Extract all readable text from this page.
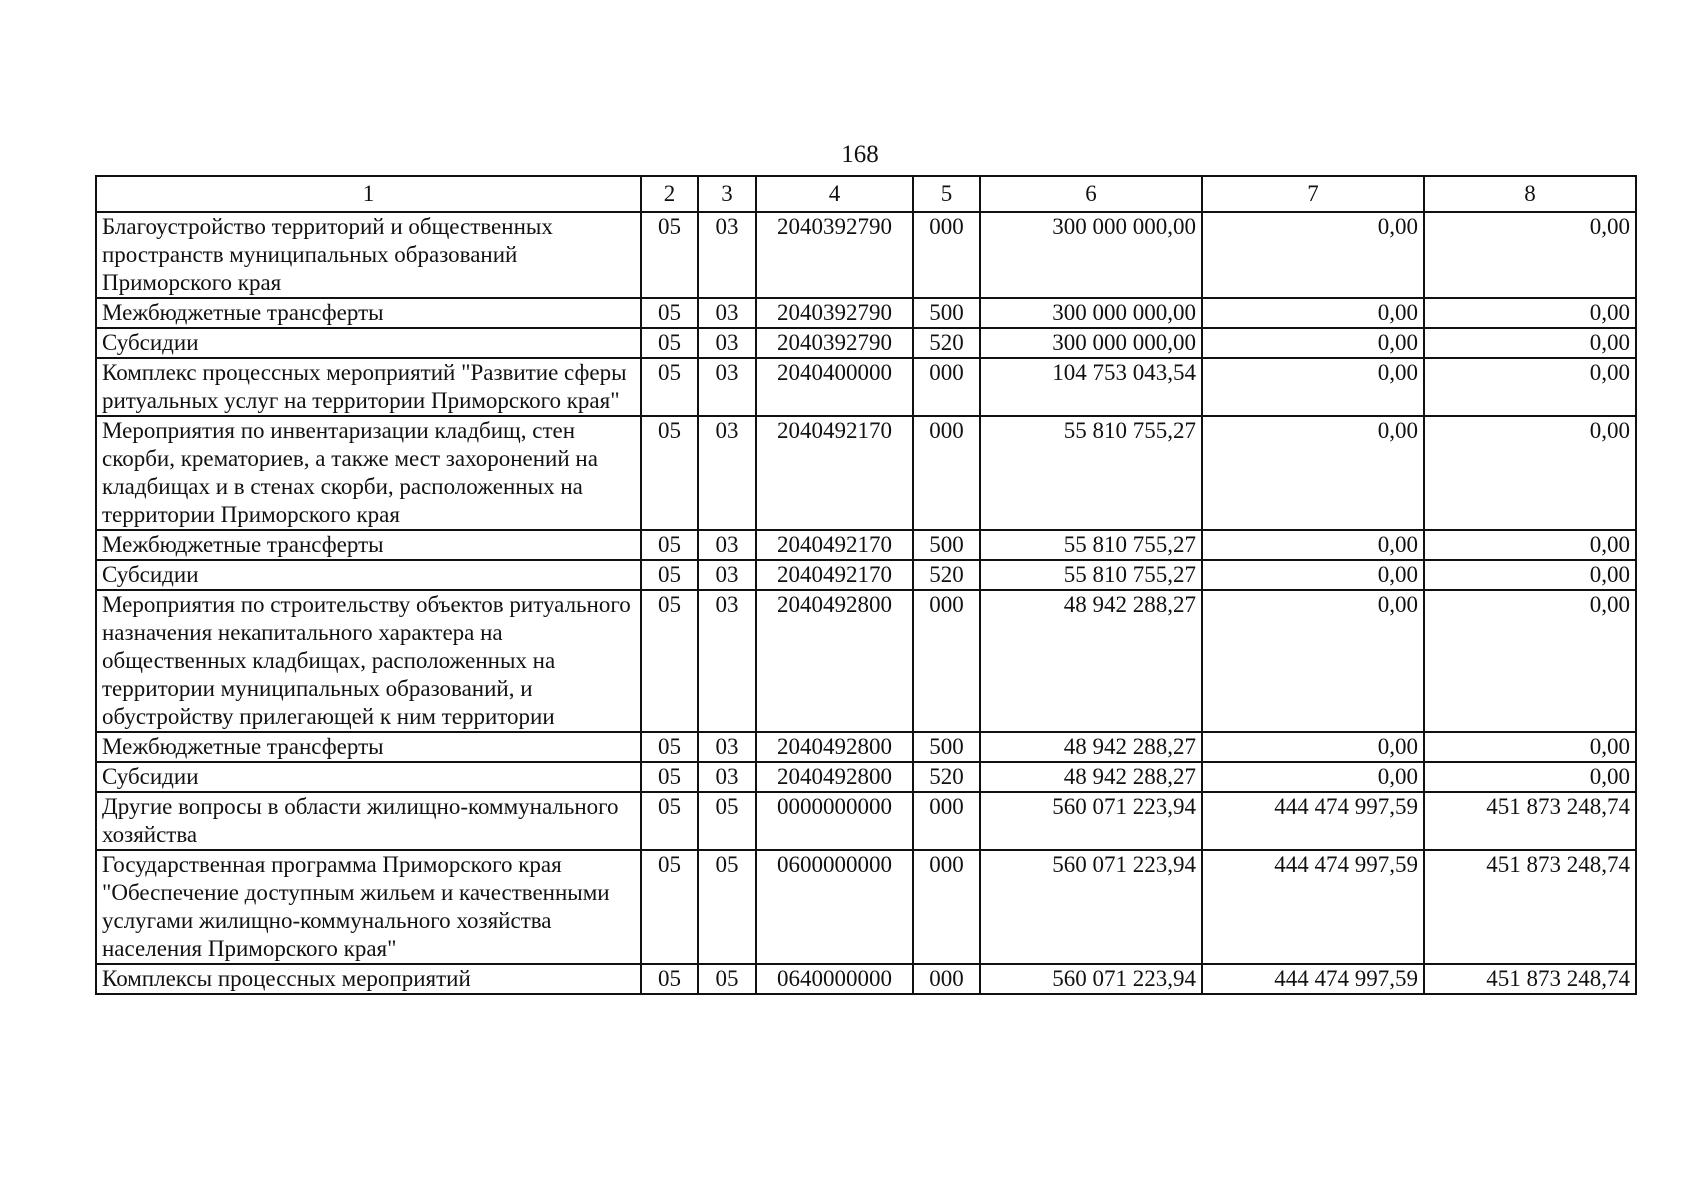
168
1	2	3	4	5	6	7	8
Благоустройство территорий и общественных пространств муниципальных образований Приморского края	05	03	2040392790	000	300 000 000,00	0,00	0,00
Межбюджетные трансферты	05	03	2040392790	500	300 000 000,00	0,00	0,00
Субсидии	05	03	2040392790	520	300 000 000,00	0,00	0,00
Комплекс процессных мероприятий "Развитие сферы ритуальных услуг на территории Приморского края"	05	03	2040400000	000	104 753 043,54	0,00	0,00
Мероприятия по инвентаризации кладбищ, стен скорби, крематориев, а также мест захоронений на кладбищах и в стенах скорби, расположенных на территории Приморского края	05	03	2040492170	000	55 810 755,27	0,00	0,00
Межбюджетные трансферты	05	03	2040492170	500	55 810 755,27	0,00	0,00
Субсидии	05	03	2040492170	520	55 810 755,27	0,00	0,00
Мероприятия по строительству объектов ритуального назначения некапитального характера на общественных кладбищах, расположенных на территории муниципальных образований, и обустройству прилегающей к ним территории	05	03	2040492800	000	48 942 288,27	0,00	0,00
Межбюджетные трансферты	05	03	2040492800	500	48 942 288,27	0,00	0,00
Субсидии	05	03	2040492800	520	48 942 288,27	0,00	0,00
Другие вопросы в области жилищно-коммунального хозяйства	05	05	0000000000	000	560 071 223,94	444 474 997,59	451 873 248,74
Государственная программа Приморского края "Обеспечение доступным жильем и качественными услугами жилищно-коммунального хозяйства населения Приморского края"	05	05	0600000000	000	560 071 223,94	444 474 997,59	451 873 248,74
Комплексы процессных мероприятий	05	05	0640000000	000	560 071 223,94	444 474 997,59	451 873 248,74
